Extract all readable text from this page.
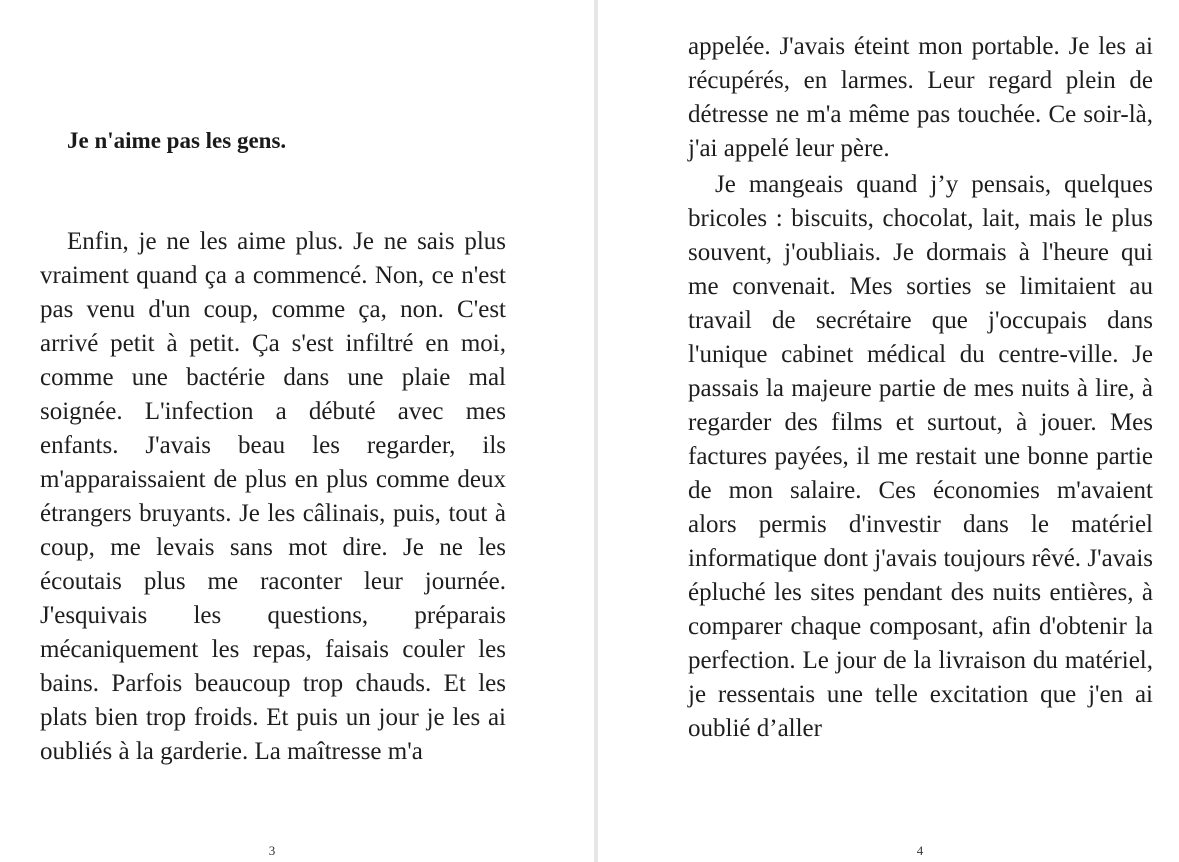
Je n'aime pas les gens.

Enfin, je ne les aime plus. Je ne sais plus vraiment quand ça a commencé. Non, ce n'est pas venu d'un coup, comme ça, non. C'est arrivé petit à petit. Ça s'est infiltré en moi, comme une bactérie dans une plaie mal soignée. L'infection a débuté avec mes enfants. J'avais beau les regarder, ils m'apparaissaient de plus en plus comme deux étrangers bruyants. Je les câlinais, puis, tout à coup, me levais sans mot dire. Je ne les écoutais plus me raconter leur journée. J'esquivais les questions, préparais mécaniquement les repas, faisais couler les bains. Parfois beaucoup trop chauds. Et les plats bien trop froids. Et puis un jour je les ai oubliés à la garderie. La maîtresse m'a

3

appelée. J'avais éteint mon portable. Je les ai récupérés, en larmes. Leur regard plein de détresse ne m'a même pas touchée. Ce soir-là, j'ai appelé leur père.

Je mangeais quand j’y pensais, quelques bricoles : biscuits, chocolat, lait, mais le plus souvent, j'oubliais. Je dormais à l'heure qui me convenait. Mes sorties se limitaient au travail de secrétaire que j'occupais dans l'unique cabinet médical du centre-ville. Je passais la majeure partie de mes nuits à lire, à regarder des films et surtout, à jouer. Mes factures payées, il me restait une bonne partie de mon salaire. Ces économies m'avaient alors permis d'investir dans le matériel informatique dont j'avais toujours rêvé. J'avais épluché les sites pendant des nuits entières, à comparer chaque composant, afin d'obtenir la perfection. Le jour de la livraison du matériel, je ressentais une telle excitation que j'en ai oublié d’aller

4
